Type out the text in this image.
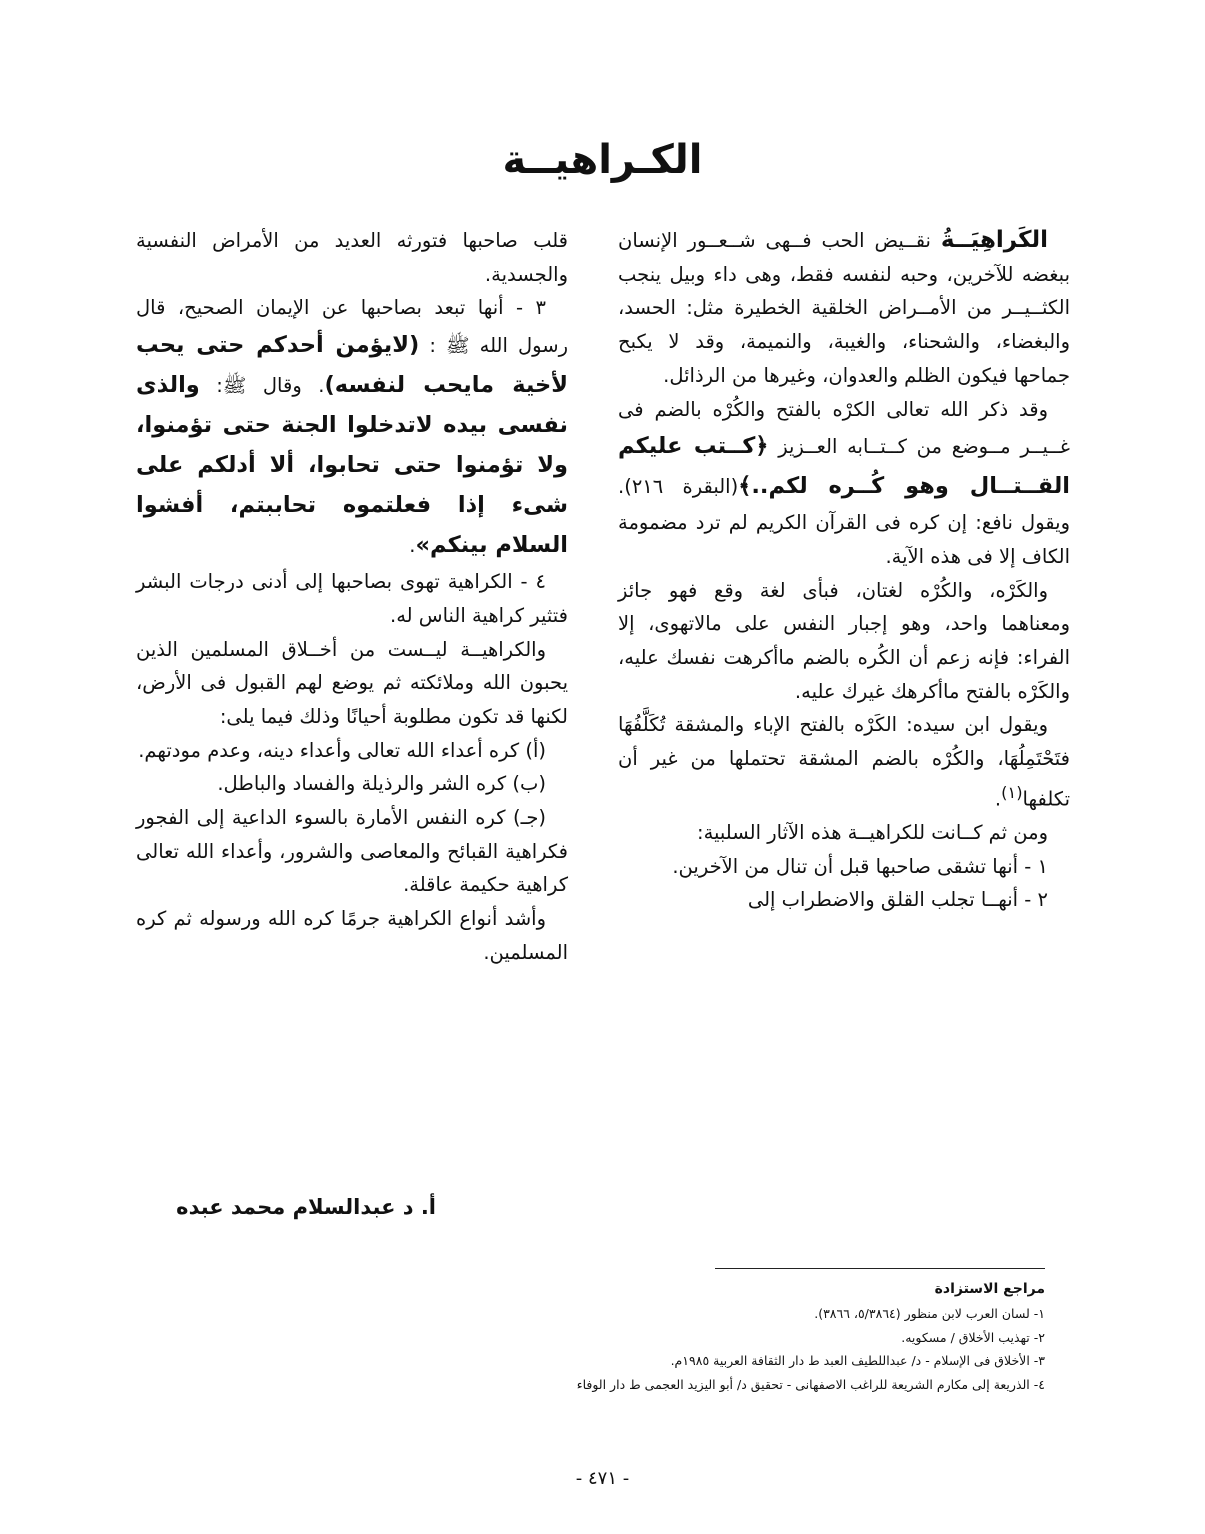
الكـراهيــة

الكَراهِيَــةُ نقــيض الحب فــهى شــعــور الإنسان ببغضه للآخرين، وحبه لنفسه فقط، وهى داء وبيل ينجب الكثــيــر من الأمــراض الخلقية الخطيرة مثل: الحسد، والبغضاء، والشحناء، والغيبة، والنميمة، وقد لا يكبح جماحها فيكون الظلم والعدوان، وغيرها من الرذائل.

وقد ذكر الله تعالى الكرْه بالفتح والكُرْه بالضم فى غــيــر مــوضع من كــتــابه العــزيز ﴿كــتب عليكم القــتــال وهو كُــره لكم..﴾(البقرة ٢١٦). ويقول نافع: إن كره فى القرآن الكريم لم ترد مضمومة الكاف إلا فى هذه الآية.

والكَرْه، والكُرْه لغتان، فبأى لغة وقع فهو جائز ومعناهما واحد، وهو إجبار النفس على مالاتهوى، إلا الفراء: فإنه زعم أن الكُره بالضم ماأكرهت نفسك عليه، والكَرْه بالفتح ماأكرهك غيرك عليه.

ويقول ابن سيده: الكَرْه بالفتح الإباء والمشقة تُكَلَّفُهَا فتَحْتَمِلُهَا، والكُرْه بالضم المشقة تحتملها من غير أن تكلفها$^{(١)}$.

ومن ثم كــانت للكراهيــة هذه الآثار السلبية:

١ - أنها تشقى صاحبها قبل أن تنال من الآخرين.

٢ - أنهــا تجلب القلق والاضطراب إلى

قلب صاحبها فتورثه العديد من الأمراض النفسية والجسدية.

٣ - أنها تبعد بصاحبها عن الإيمان الصحيح، قال رسول الله ﷺ : (لايؤمن أحدكم حتى يحب لأخية مايحب لنفسه). وقال ﷺ: والذى نفسى بيده لاتدخلوا الجنة حتى تؤمنوا، ولا تؤمنوا حتى تحابوا، ألا أدلكم على شىء إذا فعلتموه تحاببتم، أفشوا السلام بينكم».

٤ - الكراهية تهوى بصاحبها إلى أدنى درجات البشر فتثير كراهية الناس له.

والكراهيــة ليــست من أخــلاق المسلمين الذين يحبون الله وملائكته ثم يوضع لهم القبول فى الأرض، لكنها قد تكون مطلوبة أحيانًا وذلك فيما يلى:

(أ) كره أعداء الله تعالى وأعداء دينه، وعدم مودتهم.

(ب) كره الشر والرذيلة والفساد والباطل.

(جـ) كره النفس الأمارة بالسوء الداعية إلى الفجور فكراهية القبائح والمعاصى والشرور، وأعداء الله تعالى كراهية حكيمة عاقلة.

وأشد أنواع الكراهية جرمًا كره الله ورسوله ثم كره المسلمين.

أ. د عبدالسلام محمد عبده

مراجع الاستزادة
١- لسان العرب لابن منظور (٥/٣٨٦٤، ٣٨٦٦).
٢- تهذيب الأخلاق / مسكويه.
٣- الأخلاق فى الإسلام - د/ عبداللطيف العبد ط دار الثقافة العربية ١٩٨٥م.
٤- الذريعة إلى مكارم الشريعة للراغب الاصفهانى - تحقيق د/ أبو اليزيد العجمى ط دار الوفاء

- ٤٧١ -
